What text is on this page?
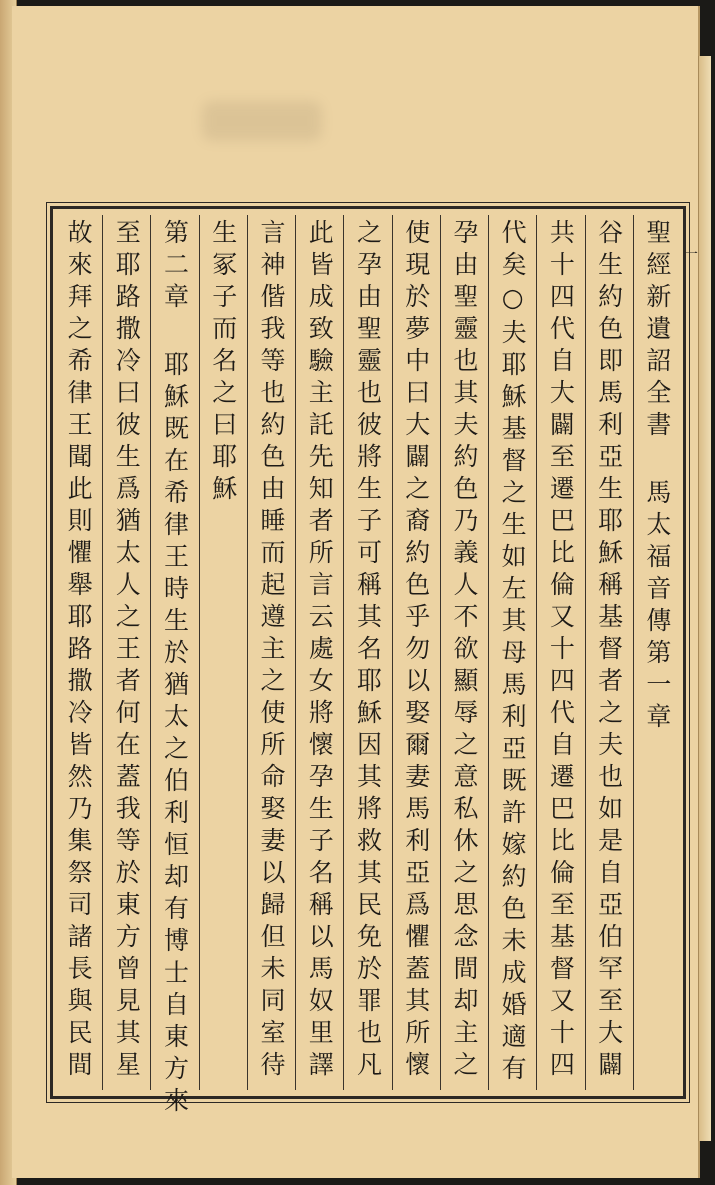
聖經新遺詔全書 馬太福音傳第一章
谷生約色即馬利亞生耶穌稱基督者之夫也如是自亞伯罕至大闢
共十四代自大闢至遷巴比倫又十四代自遷巴比倫至基督又十四
代矣○夫耶穌基督之生如左其母馬利亞既許嫁約色未成婚適有
孕由聖靈也其夫約色乃義人不欲顯辱之意私休之思念間却主之
使現於夢中曰大闢之裔約色乎勿以娶爾妻馬利亞爲懼蓋其所懷
之孕由聖靈也彼將生子可稱其名耶穌因其將救其民免於罪也凡
此皆成致驗主託先知者所言云處女將懷孕生子名稱以馬奴里譯
言神偕我等也約色由睡而起遵主之使所命娶妻以歸但未同室待
生冢子而名之曰耶穌
第二章 耶穌既在希律王時生於猶太之伯利恒却有博士自東方來
至耶路撒冷曰彼生爲猶太人之王者何在蓋我等於東方曾見其星
故來拜之希律王聞此則懼舉耶路撒冷皆然乃集祭司諸長與民間	一
